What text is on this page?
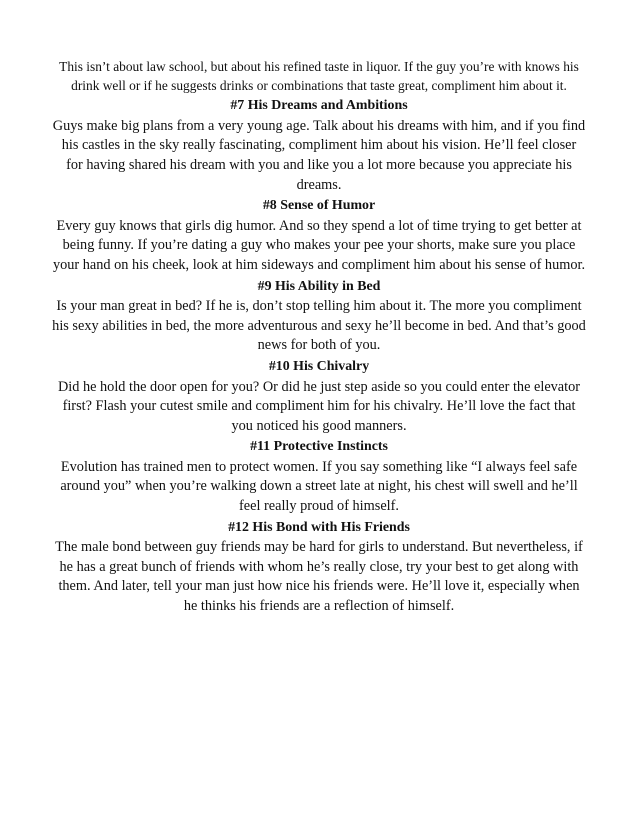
This isn’t about law school, but about his refined taste in liquor. If the guy you’re with knows his drink well or if he suggests drinks or combinations that taste great, compliment him about it.

#7 His Dreams and Ambitions

Guys make big plans from a very young age. Talk about his dreams with him, and if you find his castles in the sky really fascinating, compliment him about his vision. He’ll feel closer for having shared his dream with you and like you a lot more because you appreciate his dreams.

#8 Sense of Humor

Every guy knows that girls dig humor. And so they spend a lot of time trying to get better at being funny. If you’re dating a guy who makes your pee your shorts, make sure you place your hand on his cheek, look at him sideways and compliment him about his sense of humor.

#9 His Ability in Bed

Is your man great in bed? If he is, don’t stop telling him about it. The more you compliment his sexy abilities in bed, the more adventurous and sexy he’ll become in bed. And that’s good news for both of you.

#10 His Chivalry

Did he hold the door open for you? Or did he just step aside so you could enter the elevator first? Flash your cutest smile and compliment him for his chivalry. He’ll love the fact that you noticed his good manners.

#11 Protective Instincts

Evolution has trained men to protect women. If you say something like “I always feel safe around you” when you’re walking down a street late at night, his chest will swell and he’ll feel really proud of himself.

#12 His Bond with His Friends

The male bond between guy friends may be hard for girls to understand. But nevertheless, if he has a great bunch of friends with whom he’s really close, try your best to get along with them. And later, tell your man just how nice his friends were. He’ll love it, especially when he thinks his friends are a reflection of himself.
